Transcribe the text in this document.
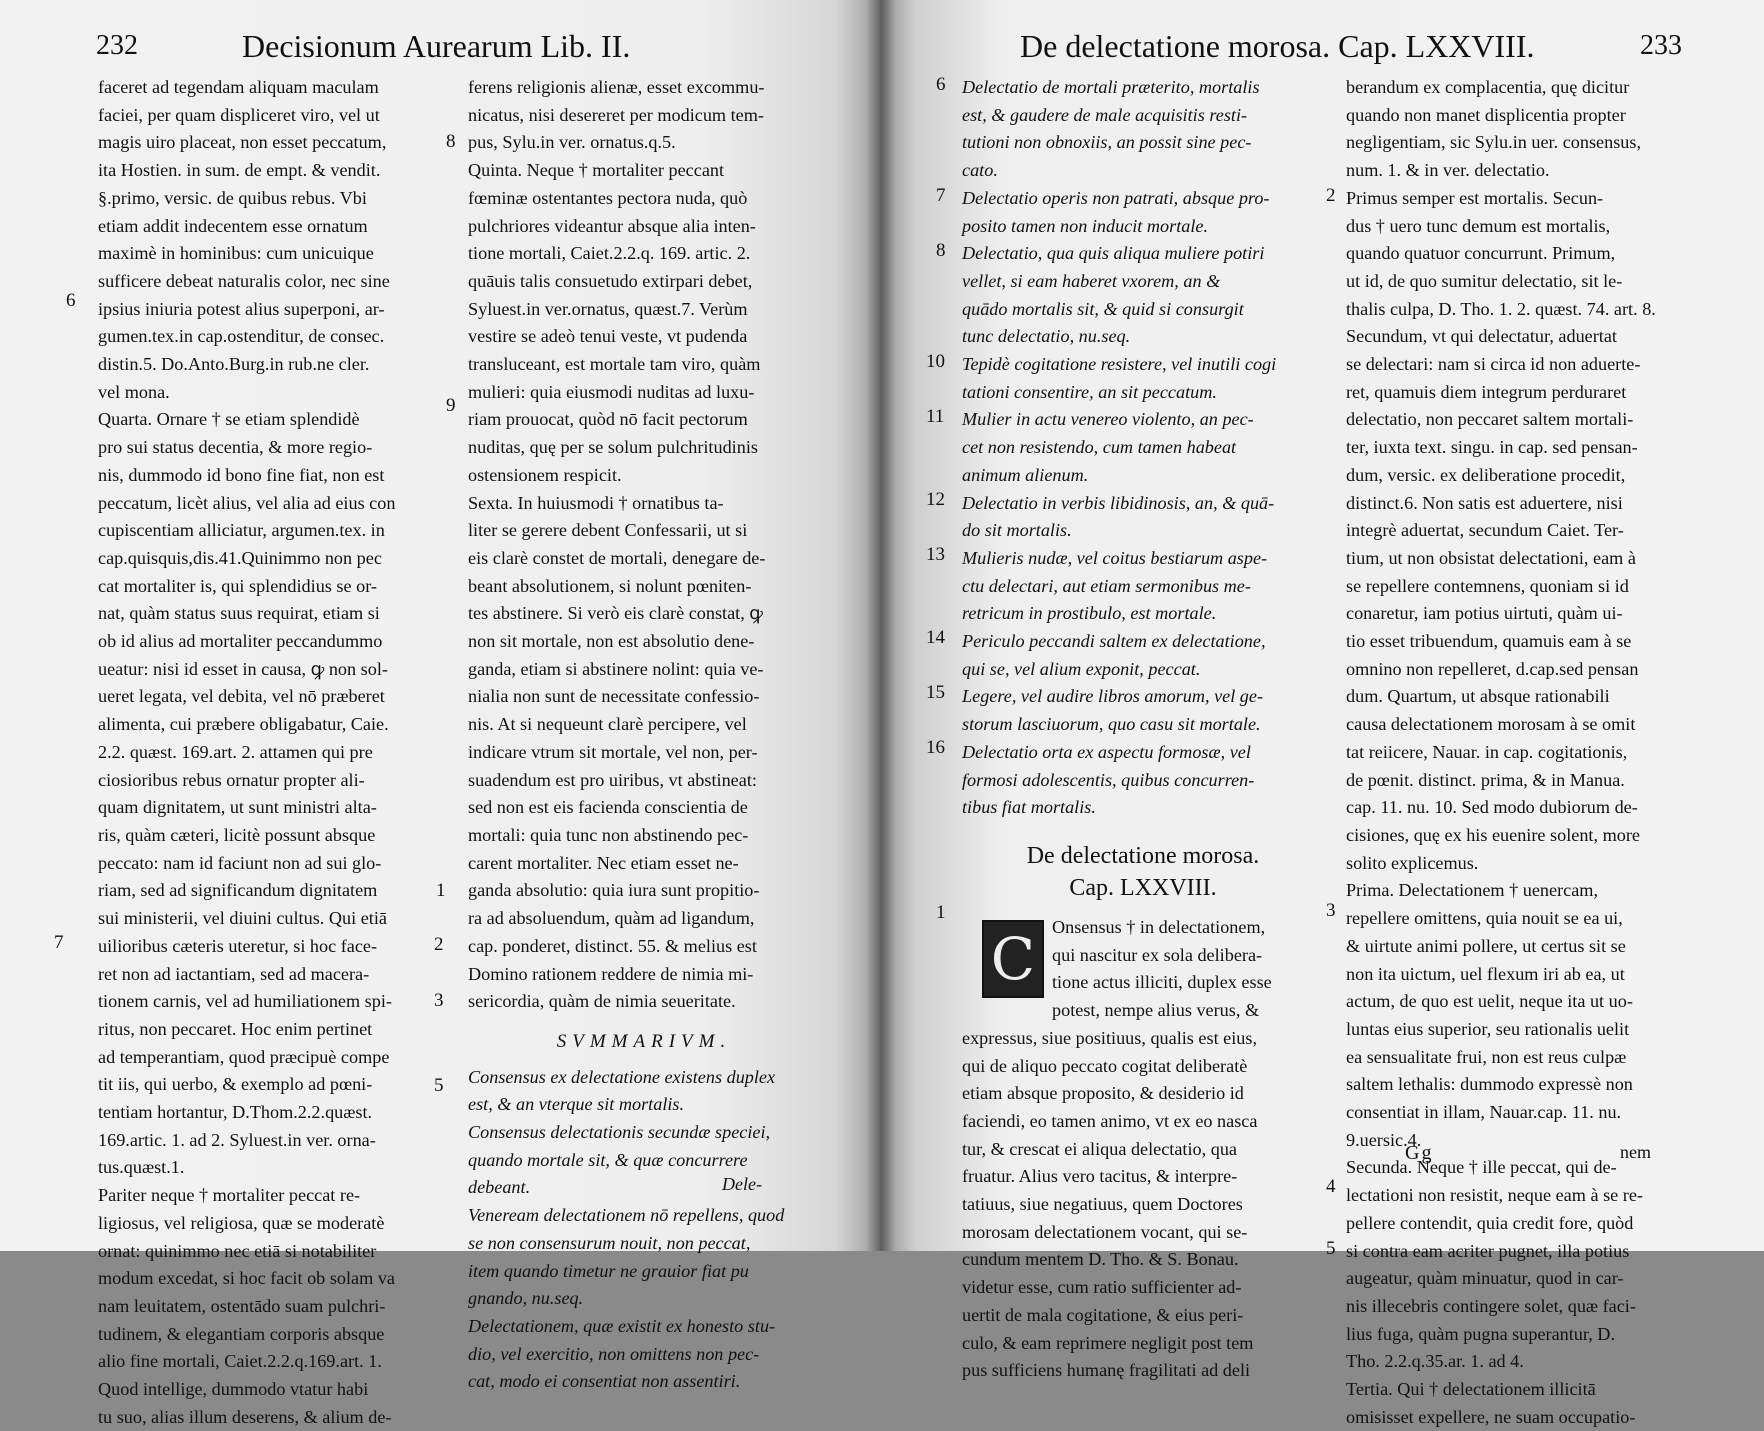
232	Decisionum Aurearum Lib. II.
faceret ad tegendam aliquam maculam
faciei, per quam displiceret viro, vel ut
magis uiro placeat, non esset peccatum,
ita Hostien. in sum. de empt. & vendit.
§.primo, versic. de quibus rebus. Vbi
etiam addit indecentem esse ornatum
maximè in hominibus: cum unicuique
sufficere debeat naturalis color, nec sine
ipsius iniuria potest alius superponi, ar-
gumen.tex.in cap.ostenditur, de consec.
distin.5. Do.Anto.Burg.in rub.ne cler.
vel mona.
Quarta. Ornare † se etiam splendidè
pro sui status decentia, & more regio-
nis, dummodo id bono fine fiat, non est
peccatum, licèt alius, vel alia ad eius con
cupiscentiam alliciatur, argumen.tex. in
cap.quisquis,dis.41.Quinimmo non pec
cat mortaliter is, qui splendidius se or-
nat, quàm status suus requirat, etiam si
ob id alius ad mortaliter peccandummo
ueatur: nisi id esset in causa, ꝙ non sol-
ueret legata, vel debita, vel nō præberet
alimenta, cui præbere obligabatur, Caie.
2.2. quæst. 169.art. 2. attamen qui pre
ciosioribus rebus ornatur propter ali-
quam dignitatem, ut sunt ministri alta-
ris, quàm cæteri, licitè possunt absque
peccato: nam id faciunt non ad sui glo-
riam, sed ad significandum dignitatem
sui ministerii, vel diuini cultus. Qui etiā
uilioribus cæteris uteretur, si hoc face-
ret non ad iactantiam, sed ad macera-
tionem carnis, vel ad humiliationem spi-
ritus, non peccaret. Hoc enim pertinet
ad temperantiam, quod præcipuè compe
tit iis, qui uerbo, & exemplo ad pœni-
tentiam hortantur, D.Thom.2.2.quæst.
169.artic. 1. ad 2. Syluest.in ver. orna-
tus.quæst.1.
Pariter neque † mortaliter peccat re-
ligiosus, vel religiosa, quæ se moderatè
ornat: quinimmo nec etiā si notabiliter
modum excedat, si hoc facit ob solam va
nam leuitatem, ostentādo suam pulchri-
tudinem, & elegantiam corporis absque
alio fine mortali, Caiet.2.2.q.169.art. 1.
Quod intellige, dummodo vtatur habi
tu suo, alias illum deserens, & alium de-
ferens religionis alienæ, esset excommu-
nicatus, nisi desereret per modicum tem-
pus, Sylu.in ver. ornatus.q.5.
Quinta. Neque † mortaliter peccant
fœminæ ostentantes pectora nuda, quò
pulchriores videantur absque alia inten-
tione mortali, Caiet.2.2.q. 169. artic. 2.
quāuis talis consuetudo extirpari debet,
Syluest.in ver.ornatus, quæst.7. Verùm
vestire se adeò tenui veste, vt pudenda
transluceant, est mortale tam viro, quàm
mulieri: quia eiusmodi nuditas ad luxu-
riam prouocat, quòd nō facit pectorum
nuditas, quę per se solum pulchritudinis
ostensionem respicit.
Sexta. In huiusmodi † ornatibus ta-
liter se gerere debent Confessarii, ut si
eis clarè constet de mortali, denegare de-
beant absolutionem, si nolunt pœniten-
tes abstinere. Si verò eis clarè constat, ꝙ
non sit mortale, non est absolutio dene-
ganda, etiam si abstinere nolint: quia ve-
nialia non sunt de necessitate confessio-
nis. At si nequeunt clarè percipere, vel
indicare vtrum sit mortale, vel non, per-
suadendum est pro uiribus, vt abstineat:
sed non est eis facienda conscientia de
mortali: quia tunc non abstinendo pec-
carent mortaliter. Nec etiam esset ne-
ganda absolutio: quia iura sunt propitio-
ra ad absoluendum, quàm ad ligandum,
cap. ponderet, distinct. 55. & melius est
Domino rationem reddere de nimia mi-
sericordia, quàm de nimia seueritate.
SVMMARIVM.
Consensus ex delectatione existens duplex
est, & an vterque sit mortalis.
Consensus delectationis secundæ speciei,
quando mortale sit, & quæ concurrere
debeant.
Veneream delectationem nō repellens, quod
se non consensurum nouit, non peccat,
item quando timetur ne grauior fiat pu
gnando, nu.seq.
Delectationem, quæ existit ex honesto stu-
dio, vel exercitio, non omittens non pec-
cat, modo ei consentiat non assentiri.
6
7
8
9
1
2
3
5
Dele-
De delectatione morosa. Cap. LXXVIII.	233
Delectatio de mortali præterito, mortalis
est, & gaudere de male acquisitis resti-
tutioni non obnoxiis, an possit sine pec-
cato.
Delectatio operis non patrati, absque pro-
posito tamen non inducit mortale.
Delectatio, qua quis aliqua muliere potiri
vellet, si eam haberet vxorem, an &
quādo mortalis sit, & quid si consurgit
tunc delectatio, nu.seq.
Tepidè cogitatione resistere, vel inutili cogi
tationi consentire, an sit peccatum.
Mulier in actu venereo violento, an pec-
cet non resistendo, cum tamen habeat
animum alienum.
Delectatio in verbis libidinosis, an, & quā-
do sit mortalis.
Mulieris nudæ, vel coitus bestiarum aspe-
ctu delectari, aut etiam sermonibus me-
retricum in prostibulo, est mortale.
Periculo peccandi saltem ex delectatione,
qui se, vel alium exponit, peccat.
Legere, vel audire libros amorum, vel ge-
storum lasciuorum, quo casu sit mortale.
Delectatio orta ex aspectu formosæ, vel
formosi adolescentis, quibus concurren-
tibus fiat mortalis.
De delectatione morosa.
Cap. LXXVIII.
C Onsensus † in delectationem,
qui nascitur ex sola delibera-
tione actus illiciti, duplex esse
potest, nempe alius verus, &
expressus, siue positiuus, qualis est eius,
qui de aliquo peccato cogitat deliberatè
etiam absque proposito, & desiderio id
faciendi, eo tamen animo, vt ex eo nasca
tur, & crescat ei aliqua delectatio, qua
fruatur. Alius vero tacitus, & interpre-
tatiuus, siue negatiuus, quem Doctores
morosam delectationem vocant, qui se-
cundum mentem D. Tho. & S. Bonau.
videtur esse, cum ratio sufficienter ad-
uertit de mala cogitatione, & eius peri-
culo, & eam reprimere negligit post tem
pus sufficiens humanę fragilitati ad deli
berandum ex complacentia, quę dicitur
quando non manet displicentia propter
negligentiam, sic Sylu.in uer. consensus,
num. 1. & in ver. delectatio.
Primus semper est mortalis. Secun-
dus † uero tunc demum est mortalis,
quando quatuor concurrunt. Primum,
ut id, de quo sumitur delectatio, sit le-
thalis culpa, D. Tho. 1. 2. quæst. 74. art. 8.
Secundum, vt qui delectatur, aduertat
se delectari: nam si circa id non aduerte-
ret, quamuis diem integrum perduraret
delectatio, non peccaret saltem mortali-
ter, iuxta text. singu. in cap. sed pensan-
dum, versic. ex deliberatione procedit,
distinct.6. Non satis est aduertere, nisi
integrè aduertat, secundum Caiet. Ter-
tium, ut non obsistat delectationi, eam à
se repellere contemnens, quoniam si id
conaretur, iam potius uirtuti, quàm ui-
tio esset tribuendum, quamuis eam à se
omnino non repelleret, d.cap.sed pensan
dum. Quartum, ut absque rationabili
causa delectationem morosam à se omit
tat reiicere, Nauar. in cap. cogitationis,
de pœnit. distinct. prima, & in Manua.
cap. 11. nu. 10. Sed modo dubiorum de-
cisiones, quę ex his euenire solent, more
solito explicemus.
Prima. Delectationem † uenercam,
repellere omittens, quia nouit se ea ui,
& uirtute animi pollere, ut certus sit se
non ita uictum, uel flexum iri ab ea, ut
actum, de quo est uelit, neque ita ut uo-
luntas eius superior, seu rationalis uelit
ea sensualitate frui, non est reus culpæ
saltem lethalis: dummodo expressè non
consentiat in illam, Nauar.cap. 11. nu.
9.uersic.4.
Secunda. Neque † ille peccat, qui de-
lectationi non resistit, neque eam à se re-
pellere contendit, quia credit fore, quòd
si contra eam acriter pugnet, illa potius
augeatur, quàm minuatur, quod in car-
nis illecebris contingere solet, quæ faci-
lius fuga, quàm pugna superantur, D.
Tho. 2.2.q.35.ar. 1. ad 4.
Tertia. Qui † delectationem illicitā
omisisset expellere, ne suam occupatio-
6
7
8
10
11
12
13
14
15
16
1
2
3
4
5
Gg	nem
